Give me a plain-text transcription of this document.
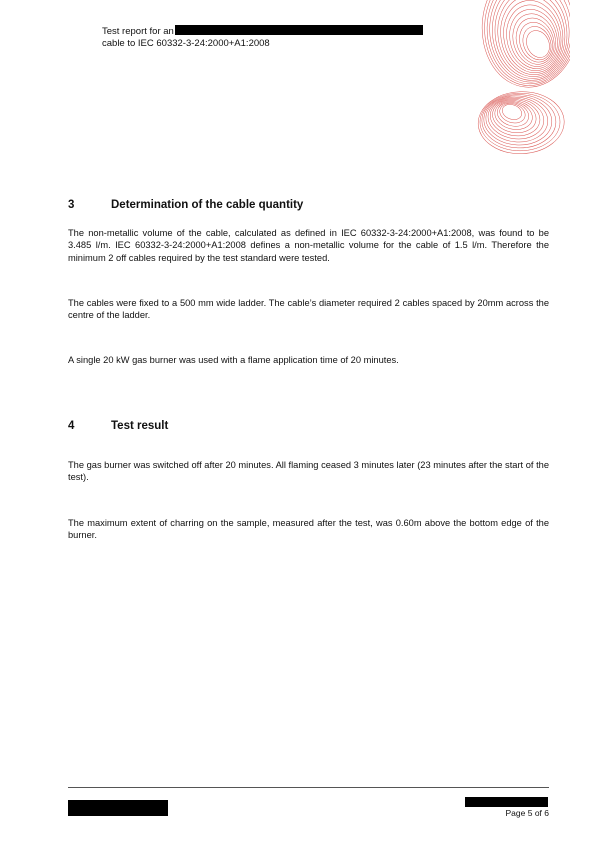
Test report for an
cable to IEC 60332-3-24:2000+A1:2008
3	Determination of the cable quantity
The non-metallic volume of the cable, calculated as defined in IEC 60332-3-24:2000+A1:2008, was found to be 3.485 l/m. IEC 60332-3-24:2000+A1:2008 defines a non-metallic volume for the cable of 1.5 l/m. Therefore the minimum 2 off cables required by the test standard were tested.
The cables were fixed to a 500 mm wide ladder. The cable’s diameter required 2 cables spaced by 20mm across the centre of the ladder.
A single 20 kW gas burner was used with a flame application time of 20 minutes.
4	Test result
The gas burner was switched off after 20 minutes. All flaming ceased 3 minutes later (23 minutes after the start of the test).
The maximum extent of charring on the sample, measured after the test, was 0.60m above the bottom edge of the burner.
Page 5 of 6
